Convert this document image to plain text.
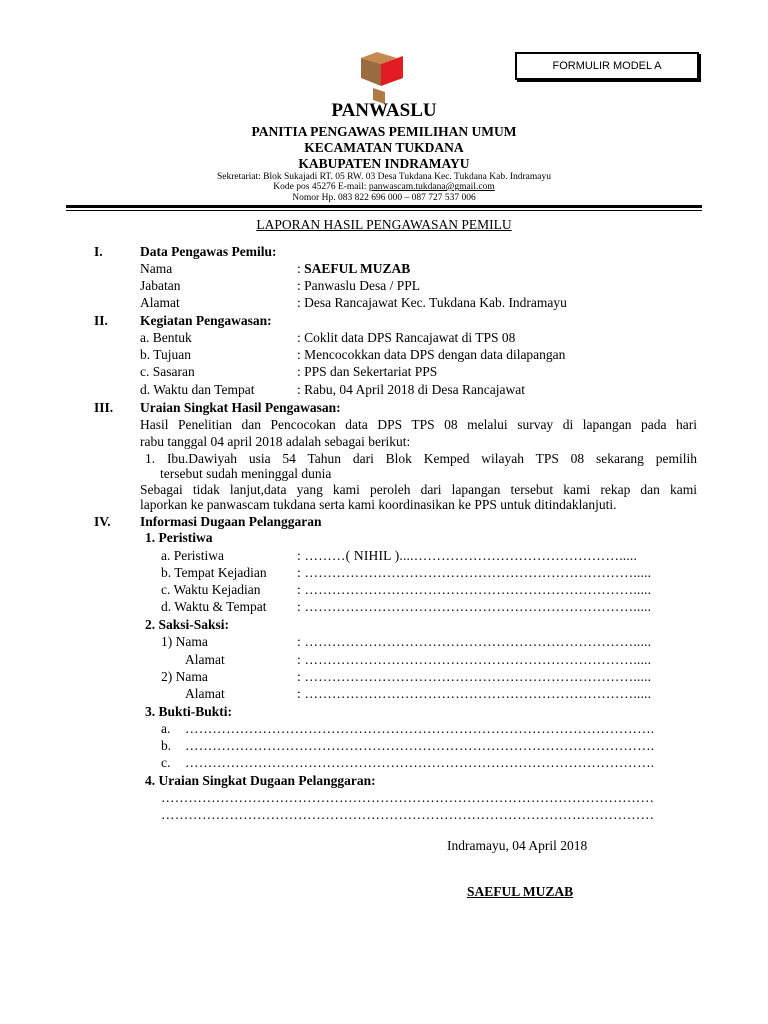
FORMULIR MODEL A
PANWASLU
PANITIA PENGAWAS PEMILIHAN UMUM
KECAMATAN TUKDANA
KABUPATEN INDRAMAYU
Sekretariat: Blok Sukajadi RT. 05 RW. 03 Desa Tukdana Kec. Tukdana Kab. Indramayu
Kode pos 45276 E-mail: panwascam.tukdana@gmail.com
Nomor Hp. 083 822 696 000 – 087 727 537 006
LAPORAN HASIL PENGAWASAN PEMILU
I.	Data Pengawas Pemilu:
Nama	: SAEFUL MUZAB
Jabatan	: Panwaslu Desa / PPL
Alamat	: Desa Rancajawat Kec. Tukdana Kab. Indramayu
II. Kegiatan Pengawasan:
a. Bentuk	: Coklit data DPS Rancajawat di TPS 08
b. Tujuan	: Mencocokkan data DPS dengan data dilapangan
c. Sasaran	: PPS dan Sekertariat PPS
d. Waktu dan Tempat	: Rabu, 04 April 2018 di Desa Rancajawat
III. Uraian Singkat Hasil Pengawasan:
Hasil Penelitian dan Pencocokan data DPS TPS 08 melalui survay di lapangan pada hari
rabu tanggal 04 april 2018 adalah sebagai berikut:
1. Ibu.Dawiyah usia 54 Tahun dari Blok Kemped wilayah TPS 08 sekarang pemilih
tersebut sudah meninggal dunia
Sebagai tidak lanjut,data yang kami peroleh dari lapangan tersebut kami rekap dan kami
laporkan ke panwascam tukdana serta kami koordinasikan ke PPS untuk ditindaklanjuti.
IV. Informasi Dugaan Pelanggaran
1. Peristiwa
a. Peristiwa	: ………( NIHIL )....……………………………………….....
b. Tempat Kejadian : ……………………………………………………………….....
c. Waktu Kejadian	: ……………………………………………………………….....
d. Waktu & Tempat : ……………………………………………………………….....
2. Saksi-Saksi:
1) Nama	: ……………………………………………………………….....
Alamat	: ……………………………………………………………….....
2) Nama	: ……………………………………………………………….....
Alamat	: ……………………………………………………………….....
3. Bukti-Bukti:
a. ………………………………………………………………………………………….
b. ………………………………………………………………………………………….
c. ………………………………………………………………………………………….
4. Uraian Singkat Dugaan Pelanggaran:
………………………………………………………………………………………………
………………………………………………………………………………………………
Indramayu, 04 April 2018
SAEFUL MUZAB
